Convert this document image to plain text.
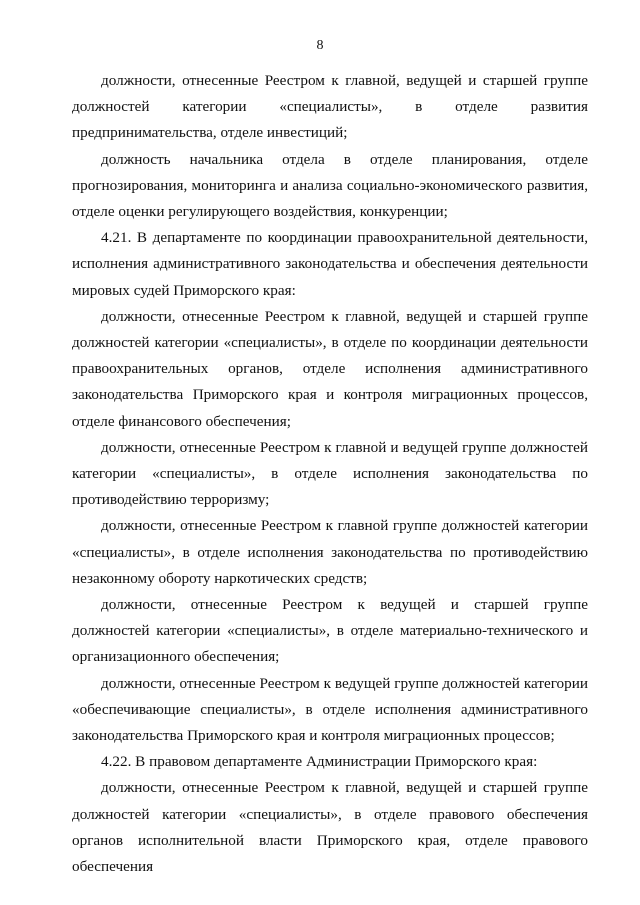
8

должности, отнесенные Реестром к главной, ведущей и старшей группе должностей категории «специалисты», в отделе развития предпринимательства, отделе инвестиций;

должность начальника отдела в отделе планирования, отделе прогнозирования, мониторинга и анализа социально-экономического развития, отделе оценки регулирующего воздействия, конкуренции;

4.21. В департаменте по координации правоохранительной деятельности, исполнения административного законодательства и обеспечения деятельности мировых судей Приморского края:

должности, отнесенные Реестром к главной, ведущей и старшей группе должностей категории «специалисты», в отделе по координации деятельности правоохранительных органов, отделе исполнения административного законодательства Приморского края и контроля миграционных процессов, отделе финансового обеспечения;

должности, отнесенные Реестром к главной и ведущей группе должностей категории «специалисты», в отделе исполнения законодательства по противодействию терроризму;

должности, отнесенные Реестром к главной группе должностей категории «специалисты», в отделе исполнения законодательства по противодействию незаконному обороту наркотических средств;

должности, отнесенные Реестром к ведущей и старшей группе должностей категории «специалисты», в отделе материально-технического и организационного обеспечения;

должности, отнесенные Реестром к ведущей группе должностей категории «обеспечивающие специалисты», в отделе исполнения административного законодательства Приморского края и контроля миграционных процессов;

4.22. В правовом департаменте Администрации Приморского края:

должности, отнесенные Реестром к главной, ведущей и старшей группе должностей категории «специалисты», в отделе правового обеспечения органов исполнительной власти Приморского края, отделе правового обеспечения
